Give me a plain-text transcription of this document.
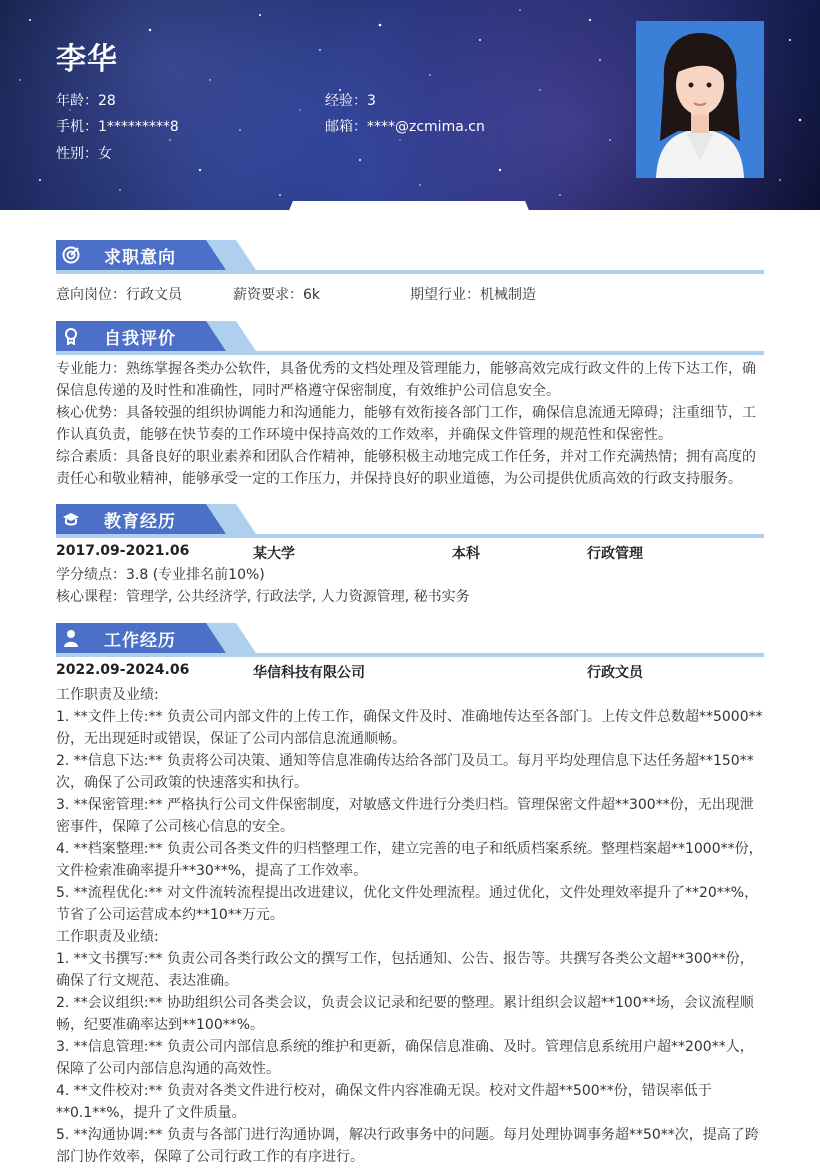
李华
年龄：28	经验：3
手机：1*********8	邮箱：****@zcmima.cn
性别：女
求职意向
意向岗位：行政文员	薪资要求：6k	期望行业：机械制造
自我评价
专业能力：熟练掌握各类办公软件，具备优秀的文档处理及管理能力，能够高效完成行政文件的上传下达工作，确保信息传递的及时性和准确性，同时严格遵守保密制度，有效维护公司信息安全。
核心优势：具备较强的组织协调能力和沟通能力，能够有效衔接各部门工作，确保信息流通无障碍；注重细节，工作认真负责，能够在快节奏的工作环境中保持高效的工作效率，并确保文件管理的规范性和保密性。
综合素质：具备良好的职业素养和团队合作精神，能够积极主动地完成工作任务，并对工作充满热情；拥有高度的责任心和敬业精神，能够承受一定的工作压力，并保持良好的职业道德，为公司提供优质高效的行政支持服务。
教育经历
2017.09-2021.06	某大学	本科	行政管理
学分绩点：3.8 (专业排名前10%)
核心课程：管理学, 公共经济学, 行政法学, 人力资源管理, 秘书实务
工作经历
2022.09-2024.06	华信科技有限公司	行政文员
工作职责及业绩:
1. **文件上传:** 负责公司内部文件的上传工作，确保文件及时、准确地传达至各部门。上传文件总数超**5000**份，无出现延时或错误，保证了公司内部信息流通顺畅。
2. **信息下达:** 负责将公司决策、通知等信息准确传达给各部门及员工。每月平均处理信息下达任务超**150**次，确保了公司政策的快速落实和执行。
3. **保密管理:** 严格执行公司文件保密制度，对敏感文件进行分类归档。管理保密文件超**300**份，无出现泄密事件，保障了公司核心信息的安全。
4. **档案整理:** 负责公司各类文件的归档整理工作，建立完善的电子和纸质档案系统。整理档案超**1000**份，文件检索准确率提升**30**%，提高了工作效率。
5. **流程优化:** 对文件流转流程提出改进建议，优化文件处理流程。通过优化，文件处理效率提升了**20**%，节省了公司运营成本约**10**万元。
工作职责及业绩:
1. **文书撰写:** 负责公司各类行政公文的撰写工作，包括通知、公告、报告等。共撰写各类公文超**300**份，确保了行文规范、表达准确。
2. **会议组织:** 协助组织公司各类会议，负责会议记录和纪要的整理。累计组织会议超**100**场，会议流程顺畅，纪要准确率达到**100**%。
3. **信息管理:** 负责公司内部信息系统的维护和更新，确保信息准确、及时。管理信息系统用户超**200**人，保障了公司内部信息沟通的高效性。
4. **文件校对:** 负责对各类文件进行校对，确保文件内容准确无误。校对文件超**500**份，错误率低于**0.1**%，提升了文件质量。
5. **沟通协调:** 负责与各部门进行沟通协调，解决行政事务中的问题。每月处理协调事务超**50**次，提高了跨部门协作效率，保障了公司行政工作的有序进行。
